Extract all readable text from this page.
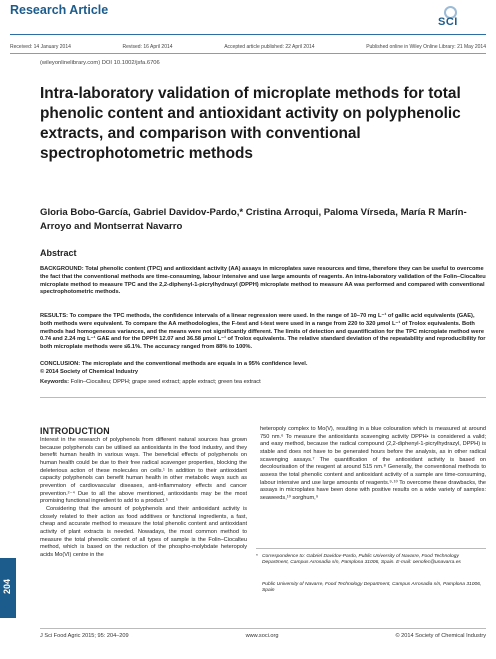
Research Article
SCI
Received: 14 January 2014	Revised: 16 April 2014	Accepted article published: 22 April 2014	Published online in Wiley Online Library: 21 May 2014
(wileyonlinelibrary.com) DOI 10.1002/jsfa.6706
Intra-laboratory validation of microplate methods for total phenolic content and antioxidant activity on polyphenolic extracts, and comparison with conventional spectrophotometric methods
Gloria Bobo-García, Gabriel Davidov-Pardo,* Cristina Arroqui, Paloma Vírseda, María R Marín-Arroyo and Montserrat Navarro
Abstract
BACKGROUND: Total phenolic content (TPC) and antioxidant activity (AA) assays in microplates save resources and time, therefore they can be useful to overcome the fact that the conventional methods are time-consuming, labour intensive and use large amounts of reagents. An intra-laboratory validation of the Folin–Ciocalteu microplate method to measure TPC and the 2,2-diphenyl-1-picrylhydrazyl (DPPH) microplate method to measure AA was performed and compared with conventional spectrophotometric methods.
RESULTS: To compare the TPC methods, the confidence intervals of a linear regression were used. In the range of 10–70 mg L⁻¹ of gallic acid equivalents (GAE), both methods were equivalent. To compare the AA methodologies, the F-test and t-test were used in a range from 220 to 320 µmol L⁻¹ of Trolox equivalents. Both methods had homogeneous variances, and the means were not significantly different. The limits of detection and quantification for the TPC microplate method were 0.74 and 2.24 mg L⁻¹ GAE and for the DPPH 12.07 and 36.58 µmol L⁻¹ of Trolox equivalents. The relative standard deviation of the repeatability and reproducibility for both microplate methods were ≤6.1%. The accuracy ranged from 88% to 100%.
CONCLUSION: The microplate and the conventional methods are equals in a 95% confidence level.
© 2014 Society of Chemical Industry
Keywords: Folin–Ciocalteu; DPPH; grape seed extract; apple extract; green tea extract
INTRODUCTION

Interest in the research of polyphenols from different natural sources has grown because polyphenols can be utilised as antioxidants in the food industry, and they benefit human health in various ways. The beneficial effects of polyphenols on human health could be due to their free radical scavenger properties, blocking the deleterious action of these molecules on cells.¹ In addition to their antioxidant capacity polyphenols can benefit human health in other metabolic ways such as prevention of cardiovascular diseases, anti-inflammatory effects and cancer prevention.²⁻⁴ Due to all the above mentioned, antioxidants may be the most promising functional ingredient to add to a product.⁵

Considering that the amount of polyphenols and their antioxidant activity is closely related to their action as food additives or functional ingredients, a fast, cheap and accurate method to measure the total phenolic content and antioxidant activity of plant extracts is needed. Nowadays, the most common method to measure the total phenolic content of all types of sample is the Folin–Ciocalteu method, which is based on the reduction of the phospho-molybdate heteropoly acids Mo(VI) centre in the

heteropoly complex to Mo(V), resulting in a blue colouration which is measured at around 750 nm.⁶ To measure the antioxidants scavenging activity DPPH• is considered a valid; and easy method, because the radical compound (2,2-diphenyl-1-picrylhydrazyl, DPPH) is stable and does not have to be generated hours before the analysis, as in other radical scavenging assays.⁷ The quantification of the antioxidant activity is based on decolourisation of the reagent at around 515 nm.⁸ Generally, the conventional methods to assess the total phenolic content and antioxidant activity of a sample are time-consuming, labour intensive and use large amounts of reagents.⁹·¹⁰ To overcome these drawbacks, the assays in microplates have been done with positive results on a wide variety of samples: seaweeds,¹⁰ sorghum,⁹

* Correspondence to: Gabriel Davidov-Pardo, Public University of Navarre, Food Technology Department, Campus Arrosadia s/n, Pamplona 31006, Spain. E-mail: oenofec@unavarra.es
Public University of Navarre, Food Technology Department, Campus Arrosadia s/n, Pamplona 31006, Spain
204
J Sci Food Agric 2015; 95: 204–209	www.soci.org	© 2014 Society of Chemical Industry
